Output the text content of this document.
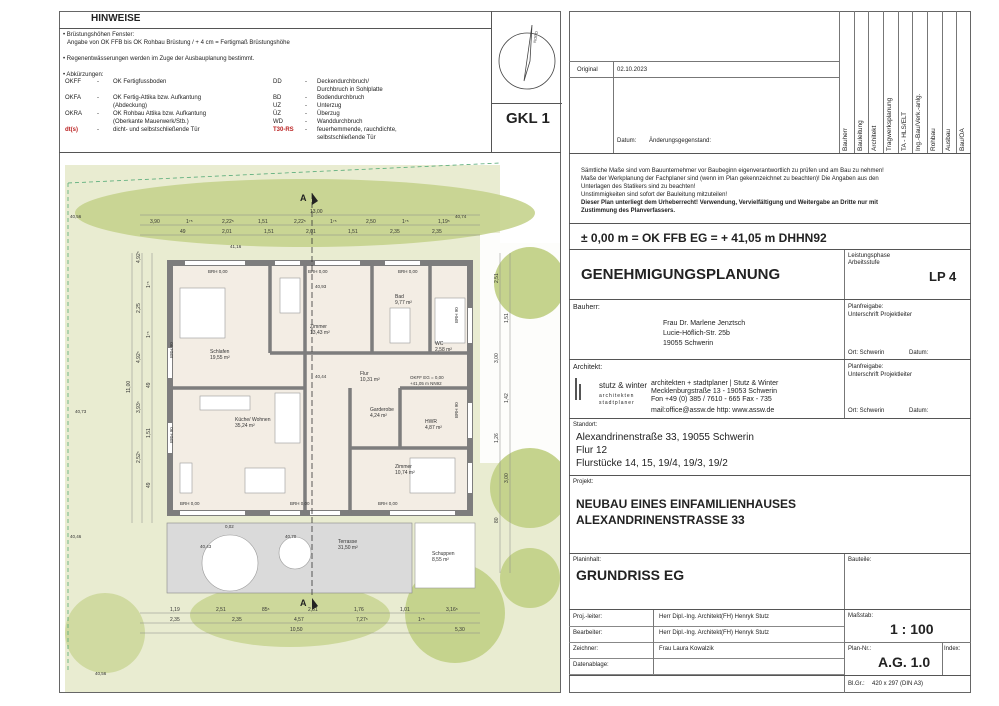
HINWEISE
• Brüstungshöhen Fenster:
Angabe von OK FFB bis OK Rohbau Brüstung / + 4 cm = Fertigmaß Brüstungshöhe
• Regenentwässerungen werden im Zuge der Ausbauplanung bestimmt.
• Abkürzungen:
OKFF	- OK Fertigfussboden	DD	- Deckendurchbruch/
Durchbruch in Sohlplatte
OKFA	- OK Fertig-Attika bzw. Aufkantung	BD	- Bodendurchbruch
(Abdeckung)	UZ	- Unterzug
OKRA - OK Rohbau Attika bzw. Aufkantung	ÜZ	- Überzug
(Oberkante Mauerwerk/Stb.)	WD	- Wanddurchbruch
dt(s)	- dicht- und selbstschließende Tür	T30-RS - feuerhemmende, rauchdichte,
selbstschließende Tür
NORD
GKL 1
A
A
13,00
3,90	1⁷⁵	2,22⁵	1,51	2,22⁵	1⁷⁵	2,50	1⁷⁵	1,19⁵
49	2,01	1,51	2,01	1,51	2,35	2,35
1,19	2,51	85⁵	2,51	1,76	1,01	3,16⁵
2,35	2,35	4,57	7,27⁵	1⁷⁵
10,50	5,30
11,00
4,92⁵
1⁷⁵
2,25
1⁷⁵
4,92⁵
49
3,93⁵
1,51
2,52⁵
49
2,51
1,51
3,00
1,42
1,26
3,00
80
40,56
41,16
40,73
40,46
40,43
40,70
40,44
40,93
40,74
40,56
0,02
Schlafen
19,55 m²
Zimmer
13,43 m²
Bad
9,77 m²
WC
2,58 m²
Flur
10,31 m²
Küche/ Wohnen
35,24 m²
Garderobe
4,24 m²
HWR
4,87 m²
Zimmer
10,74 m²
Terrasse
31,50 m²
Schuppen
8,55 m²
BRH 0,00	BRH 0,00	BRH 0,00
BRH 0,00	BRH 0,00	BRH 0,00
BRH 90
BRH 90
BRH 90
BRH 90
OKFF EG = 0,00
+41,05 m NN92
Original	02.10.2023
Datum: Änderungsgegenstand:	Bauherr Bauleitung Architekt Tragwerksplanung TA - HLS/ELT Ing.-Bau/Verk.-anlg. Rohbau Ausbau Bau/OA
Sämtliche Maße sind vom Bauunternehmer vor Baubeginn eigenverantwortlich zu prüfen und am Bau zu nehmen!
Maße der Werkplanung der Fachplaner sind (wenn im Plan gekennzeichnet zu beachten)! Die Angaben aus den
Unterlagen des Statikers sind zu beachten!
Unstimmigkeiten sind sofort der Bauleitung mitzuteilen!
Dieser Plan unterliegt dem Urheberrecht! Verwendung, Vervielfältigung und Weitergabe an Dritte nur mit
Zustimmung des Planverfassers.
± 0,00 m = OK FFB EG = + 41,05 m DHHN92
GENEHMIGUNGSPLANUNG
Leistungsphase
Arbeitsstufe
LP 4
Bauherr:
Frau Dr. Marlene Jenztsch
Lucie-Höflich-Str. 25b
19055 Schwerin
Planfreigabe:
Unterschrift Projektleiter
Ort: Schwerin	Datum:
Architekt:
stutz & winter
architekten
stadtplaner
architekten + stadtplaner | Stutz & Winter
Mecklenburgstraße 13 - 19053 Schwerin
Fon +49 (0) 385 / 7610 - 665 Fax - 735
mail:office@assw.de http: www.assw.de
Planfreigabe:
Unterschrift Projektleiter
Ort: Schwerin	Datum:
Standort:
Alexandrinenstraße 33, 19055 Schwerin
Flur 12
Flurstücke 14, 15, 19/4, 19/3, 19/2
Projekt:
NEUBAU EINES EINFAMILIENHAUSES
ALEXANDRINENSTRASSE 33
Planinhalt:
GRUNDRISS EG
Bauteile:
Proj.-leiter:	Herr Dipl.-Ing. Architekt(FH) Henryk Stutz
Bearbeiter:	Herr Dipl.-Ing. Architekt(FH) Henryk Stutz
Zeichner:	Frau Laura Kowalzik
Datenablage:
Maßstab:
1 : 100
Plan-Nr.:
A.G. 1.0
Index:
Bl.Gr.: 420 x 297 (DIN A3)
